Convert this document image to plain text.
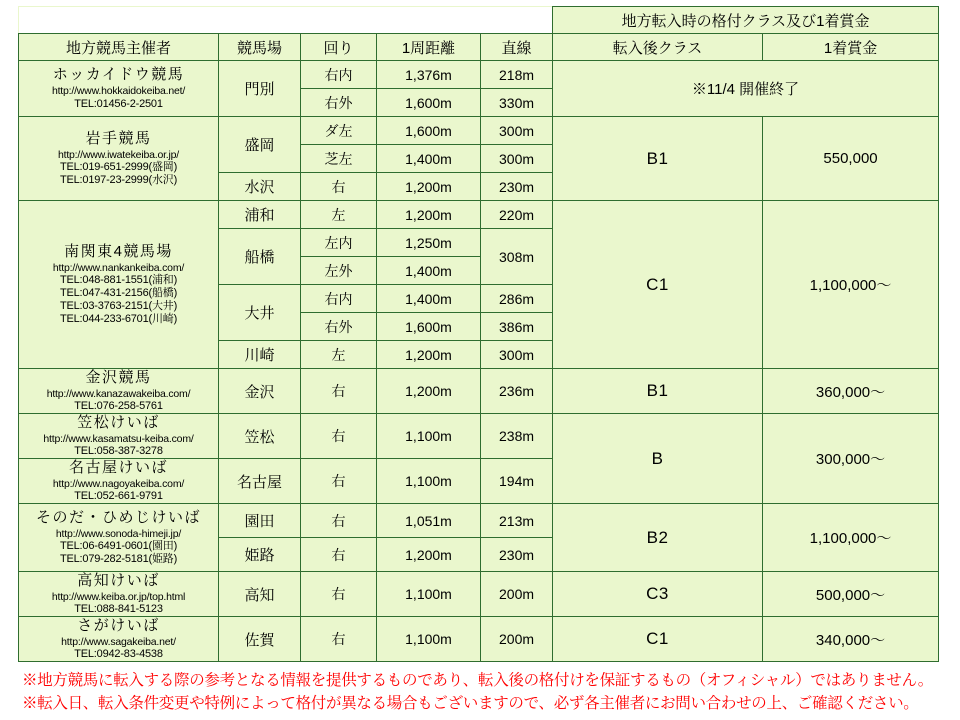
					地方転入時の格付クラス及び1着賞金	
地方競馬主催者	競馬場	回り	1周距離	直線	転入後クラス	1着賞金

ホッカイドウ競馬
http://www.hokkaidokeiba.net/
TEL:01456-2-2501	門別	右内	1,376m	218m	※11/4 開催終了	
		右外	1,600m	330m		

岩手競馬
http://www.iwatekeiba.or.jp/
TEL:019-651-2999(盛岡)
TEL:0197-23-2999(水沢)	盛岡	ダ左	1,600m	300m	B1	550,000
		芝左	1,400m	300m		
	水沢	右	1,200m	230m		

南関東4競馬場
http://www.nankankeiba.com/
TEL:048-881-1551(浦和)
TEL:047-431-2156(船橋)
TEL:03-3763-2151(大井)
TEL:044-233-6701(川崎)
	浦和	左	1,200m	220m	C1	1,100,000～
	船橋	左内	1,250m	308m		
		左外	1,400m			
	大井	右内	1,400m	286m		
		右外	1,600m	386m		
	川崎	左	1,200m	300m		

金沢競馬
http://www.kanazawakeiba.com/
TEL:076-258-5761	金沢	右	1,200m	236m	B1	360,000～

笠松けいば
http://www.kasamatsu-keiba.com/
TEL:058-387-3278	笠松	右	1,100m	238m	B	300,000～

名古屋けいば
http://www.nagoyakeiba.com/
TEL:052-661-9791	名古屋	右	1,100m	194m		

そのだ・ひめじけいば
http://www.sonoda-himeji.jp/
TEL:06-6491-0601(園田)
TEL:079-282-5181(姫路)	園田	右	1,051m	213m	B2	1,100,000～
	姫路	右	1,200m	230m		

高知けいば
http://www.keiba.or.jp/top.html
TEL:088-841-5123	高知	右	1,100m	200m	C3	500,000～

さがけいば
http://www.sagakeiba.net/
TEL:0942-83-4538	佐賀	右	1,100m	200m	C1	340,000～
※地方競馬に転入する際の参考となる情報を提供するものであり、転入後の格付けを保証するもの（オフィシャル）ではありません。
※転入日、転入条件変更や特例によって格付が異なる場合もございますので、必ず各主催者にお問い合わせの上、ご確認ください。
